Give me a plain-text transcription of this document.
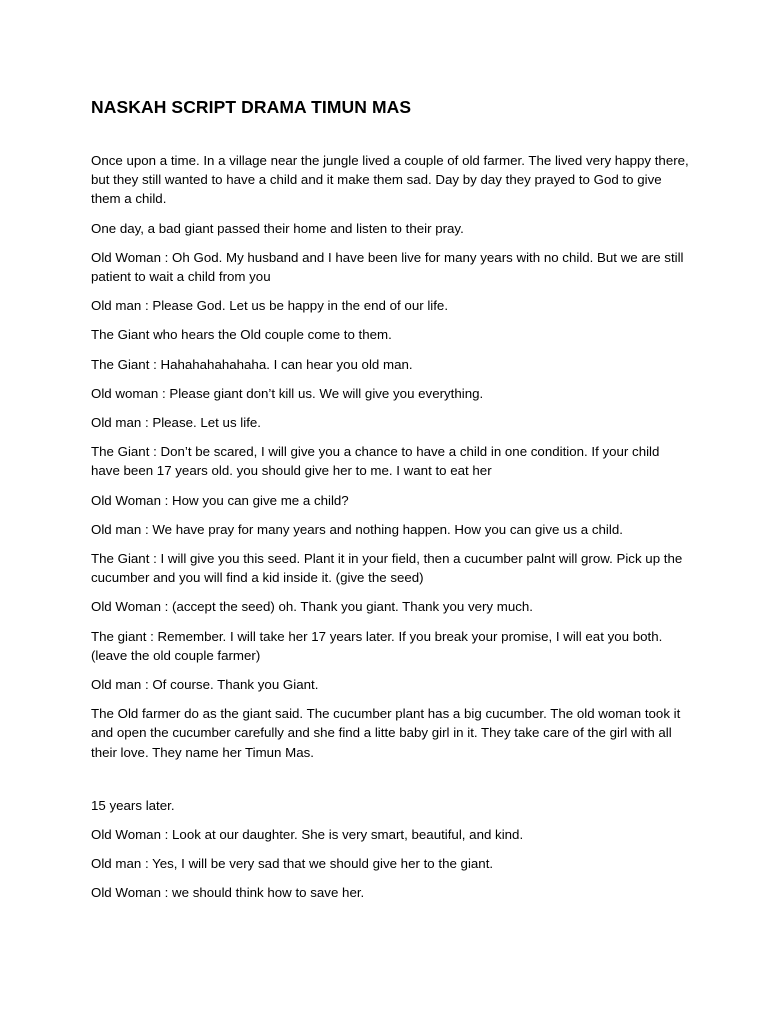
NASKAH SCRIPT DRAMA TIMUN MAS

Once upon a time. In a village near the jungle lived a couple of old farmer. The lived very happy there, but they still wanted to have a child and it make them sad. Day by day they prayed to God to give them a child.

One day, a bad giant passed their home and listen to their pray.

Old Woman : Oh God. My husband and I have been live for many years with no child. But we are still patient to wait a child from you

Old man : Please God. Let us be happy in the end of our life.

The Giant who hears the Old couple come to them.

The Giant : Hahahahahahaha. I can hear you old man.

Old woman : Please giant don’t kill us. We will give you everything.

Old man : Please. Let us life.

The Giant : Don’t be scared, I will give you a chance to have a child in one condition. If your child have been 17 years old. you should give her to me. I want to eat her

Old Woman : How you can give me a child?

Old man : We have pray for many years and nothing happen. How you can give us a child.

The Giant : I will give you this seed. Plant it in your field, then a cucumber palnt will grow. Pick up the cucumber and you will find a kid inside it. (give the seed)

Old Woman : (accept the seed) oh. Thank you giant. Thank you very much.

The giant : Remember. I will take her 17 years later. If you break your promise, I will eat you both. (leave the old couple farmer)

Old man : Of course. Thank you Giant.

The Old farmer do as the giant said. The cucumber plant has a big cucumber. The old woman took it and open the cucumber carefully and she find a litte baby girl in it. They take care of the girl with all their love. They name her Timun Mas.

15 years later.

Old Woman : Look at our daughter. She is very smart, beautiful, and kind.

Old man : Yes, I will be very sad that we should give her to the giant.

Old Woman : we should think how to save her.
